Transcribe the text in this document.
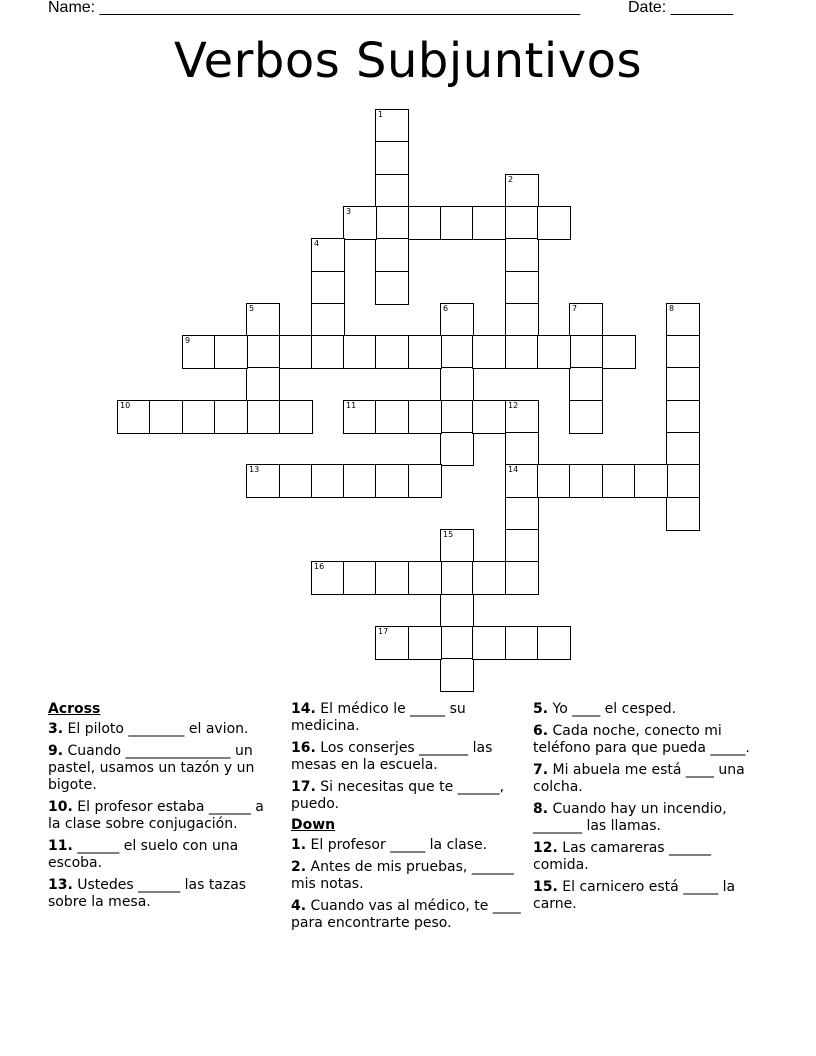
Name: ______________________________________________________	Date: _______
Verbos Subjuntivos
1
2
3
4
5	6	7	8
9
10	11	12
14
13
15
16
17
Across
3. El piloto ________ el avion.
9. Cuando _______________ un pastel, usamos un tazón y un bigote.
10. El profesor estaba ______ a la clase sobre conjugación.
11. ______ el suelo con una escoba.
13. Ustedes ______ las tazas sobre la mesa.
14. El médico le _____ su medicina.
16. Los conserjes _______ las mesas en la escuela.
17. Si necesitas que te ______, puedo.
Down
1. El profesor _____ la clase.
2. Antes de mis pruebas, ______ mis notas.
4. Cuando vas al médico, te ____ para encontrarte peso.
5. Yo ____ el cesped.
6. Cada noche, conecto mi teléfono para que pueda _____.
7. Mi abuela me está ____ una colcha.
8. Cuando hay un incendio, _______ las llamas.
12. Las camareras ______ comida.
15. El carnicero está _____ la carne.
